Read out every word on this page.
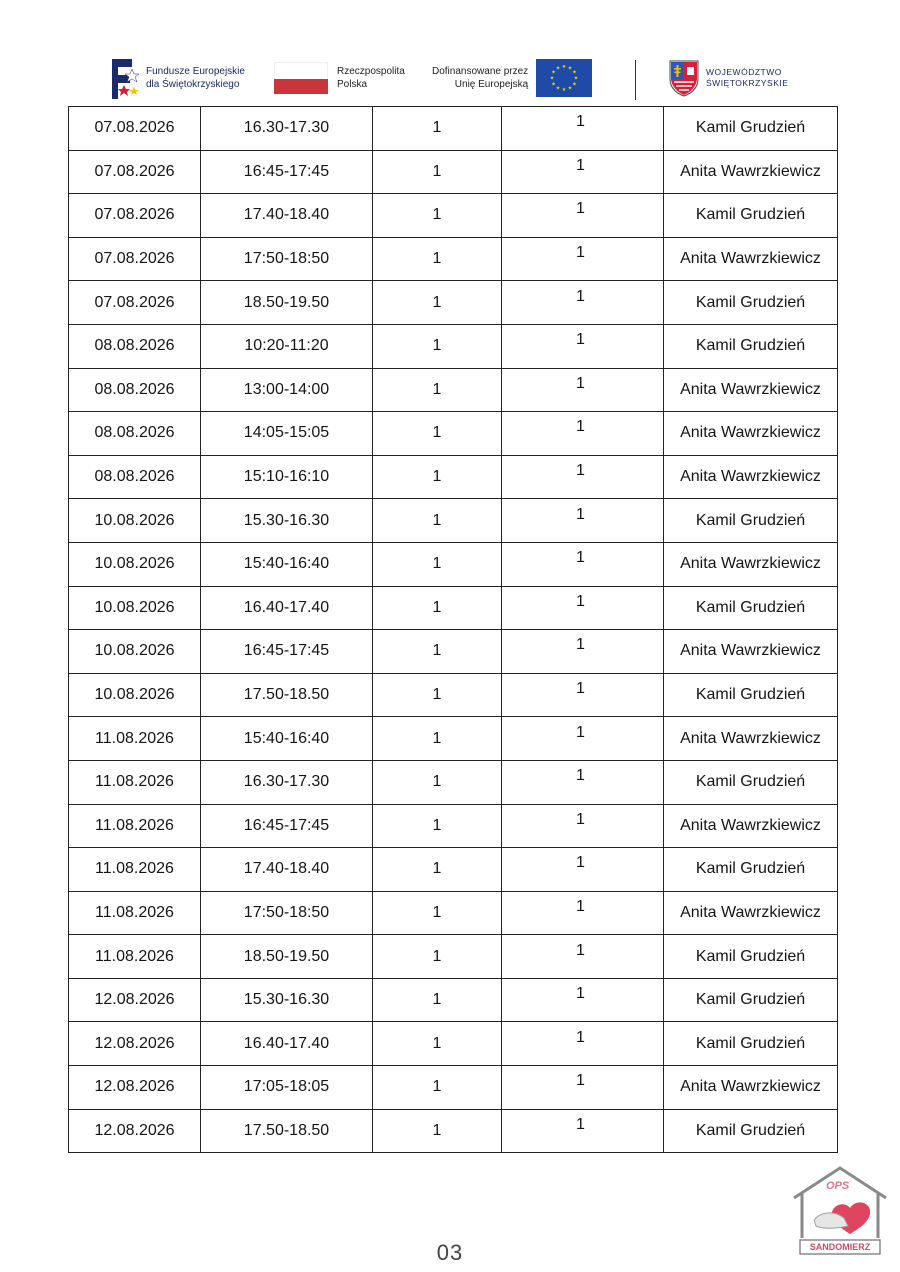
Fundusze Europejskie
dla Świętokrzyskiego
Rzeczpospolita
Polska
Dofinansowane przez
Unię Europejską
★ ★
★
★
★
★
★
★
★
★
★
★	WOJEWÓDZTWO
ŚWIĘTOKRZYSKIE
07.08.2026	16.30-17.30	1	1	Kamil Grudzień
07.08.2026	16:45-17:45	1	1	Anita Wawrzkiewicz
07.08.2026	17.40-18.40	1	1	Kamil Grudzień
07.08.2026	17:50-18:50	1	1	Anita Wawrzkiewicz
07.08.2026	18.50-19.50	1	1	Kamil Grudzień
08.08.2026	10:20-11:20	1	1	Kamil Grudzień
08.08.2026	13:00-14:00	1	1	Anita Wawrzkiewicz
08.08.2026	14:05-15:05	1	1	Anita Wawrzkiewicz
08.08.2026	15:10-16:10	1	1	Anita Wawrzkiewicz
10.08.2026	15.30-16.30	1	1	Kamil Grudzień
10.08.2026	15:40-16:40	1	1	Anita Wawrzkiewicz
10.08.2026	16.40-17.40	1	1	Kamil Grudzień
10.08.2026	16:45-17:45	1	1	Anita Wawrzkiewicz
10.08.2026	17.50-18.50	1	1	Kamil Grudzień
11.08.2026	15:40-16:40	1	1	Anita Wawrzkiewicz
11.08.2026	16.30-17.30	1	1	Kamil Grudzień
11.08.2026	16:45-17:45	1	1	Anita Wawrzkiewicz
11.08.2026	17.40-18.40	1	1	Kamil Grudzień
11.08.2026	17:50-18:50	1	1	Anita Wawrzkiewicz
11.08.2026	18.50-19.50	1	1	Kamil Grudzień
12.08.2026	15.30-16.30	1	1	Kamil Grudzień
12.08.2026	16.40-17.40	1	1	Kamil Grudzień
12.08.2026	17:05-18:05	1	1	Anita Wawrzkiewicz
12.08.2026	17.50-18.50	1	1	Kamil Grudzień
03
OPS
SANDOMIERZ
